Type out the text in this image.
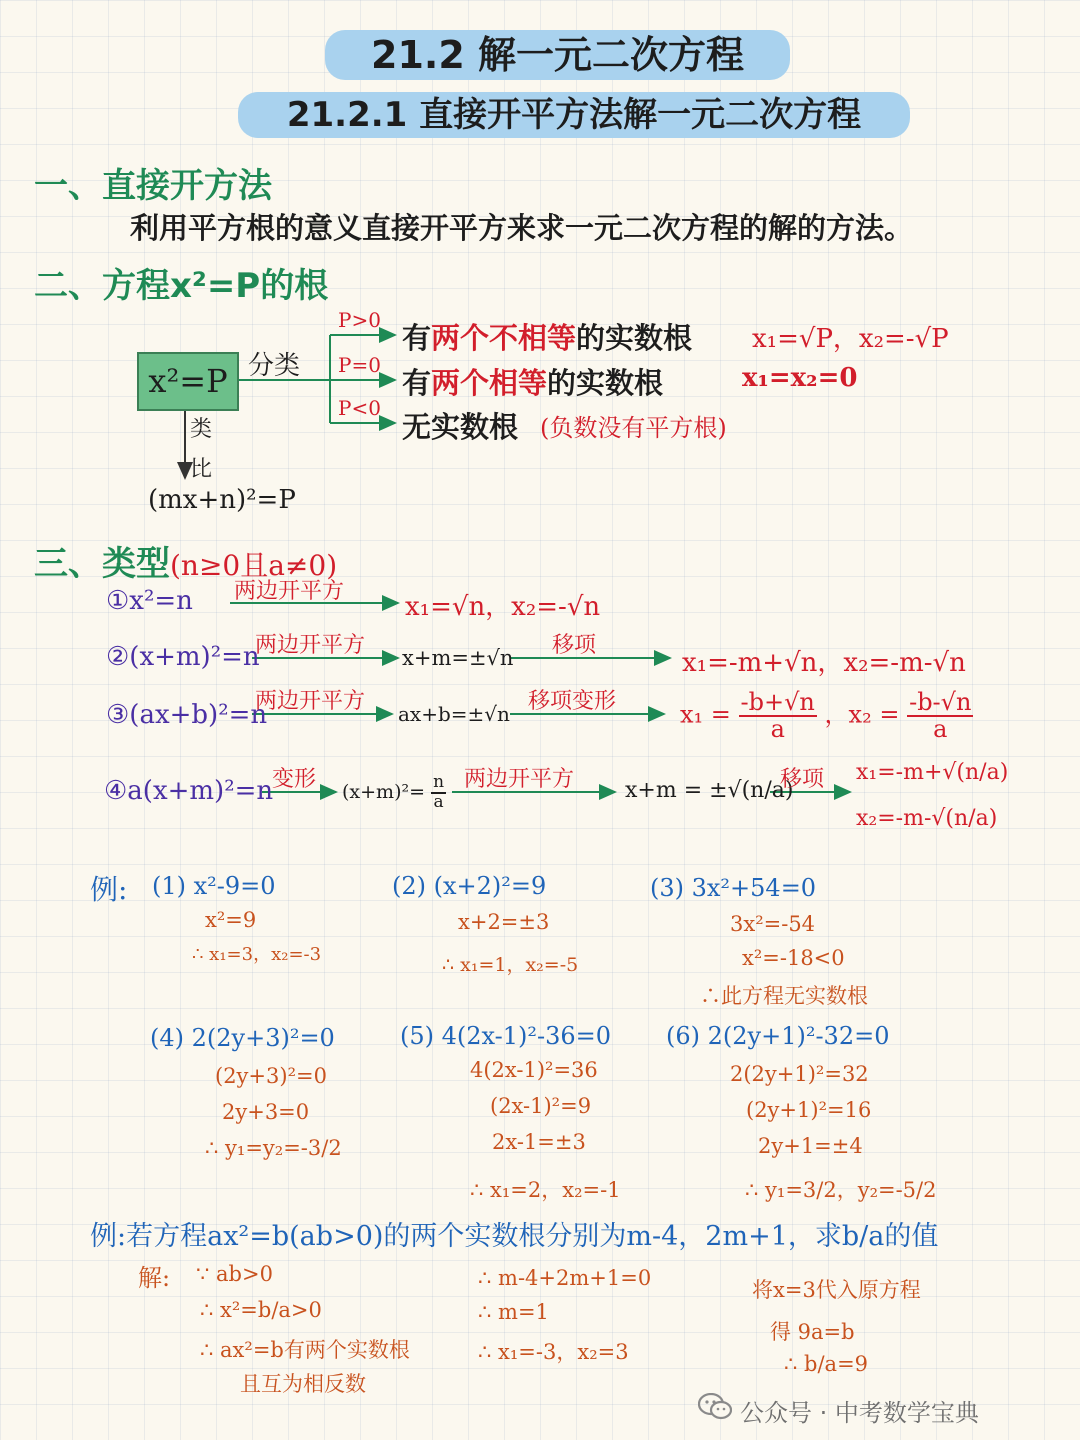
21.2 解一元二次方程
21.2.1 直接开平方法解一元二次方程
一、直接开方法
利用平方根的意义直接开平方来求一元二次方程的解的方法。
二、方程x²=P的根
x²=P 分类
类
比
(mx+n)²=P
P>0
有两个不相等的实数根 x₁=√P，x₂=-√P
P=0
有两个相等的实数根	x₁=x₂=0
P<0
无实数根 (负数没有平方根)
三、类型(n≥0且a≠0)
①x²=n 两边开平方
x₁=√n，x₂=-√n
②(x+m)²=n
两边开平方 x+m=±√n 移项
x₁=-m+√n，x₂=-m-√n
③(ax+b)²=n
两边开平方 ax+b=±√n 移项变形	$x_1 = \frac{-b+√n}{a}$ ，$x_2 = \frac{-b-√n}{a}$
④a(x+m)²=n
变形 $(x+m)^2= \frac{n}{a}$ 两边开平方 x+m = ±√(n/a)
移项 x₁=-m+√(n/a)
x₂=-m-√(n/a)
例: (1) x²-9=0
x²=9
∴ x₁=3，x₂=-3
(2) (x+2)²=9
x+2=±3
∴ x₁=1，x₂=-5
(3) 3x²+54=0
3x²=-54
x²=-18<0
∴此方程无实数根
(4) 2(2y+3)²=0
(2y+3)²=0
2y+3=0
∴ y₁=y₂=-3/2
(5) 4(2x-1)²-36=0
4(2x-1)²=36
(2x-1)²=9
2x-1=±3
∴ x₁=2，x₂=-1
(6) 2(2y+1)²-32=0
2(2y+1)²=32
(2y+1)²=16
2y+1=±4
∴ y₁=3/2，y₂=-5/2
例:若方程ax²=b(ab>0)的两个实数根分别为m-4，2m+1，求b/a的值
解: ∵ ab>0
∴ x²=b/a>0
∴ ax²=b有两个实数根
且互为相反数
∴ m-4+2m+1=0
∴ m=1
∴ x₁=-3，x₂=3
将x=3代入原方程
得 9a=b
∴ b/a=9
公众号 · 中考数学宝典
